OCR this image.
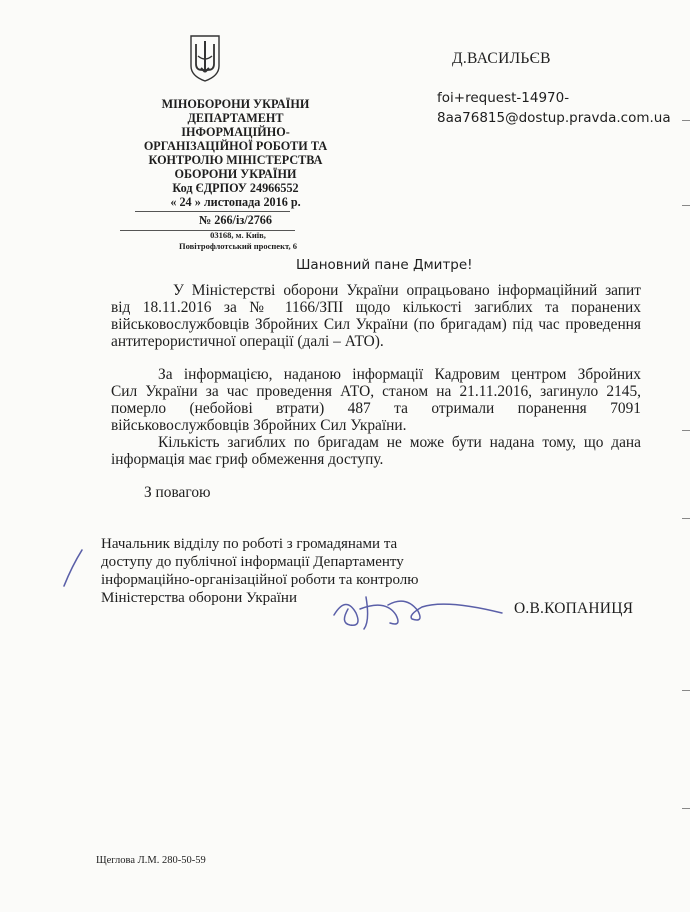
МІНОБОРОНИ УКРАЇНИ
ДЕПАРТАМЕНТ
ІНФОРМАЦІЙНО-
ОРГАНІЗАЦІЙНОЇ РОБОТИ ТА
КОНТРОЛЮ МІНІСТЕРСТВА
ОБОРОНИ УКРАЇНИ
Код ЄДРПОУ 24966552
« 24 » листопада 2016 р.
№ 266/із/2766
03168, м. Київ,
Повітрофлотський проспект, 6
Д.ВАСИЛЬЄВ
foi+request-14970-
8aa76815@dostup.pravda.com.ua
Шановний пане Дмитре!
У Міністерстві оборони України опрацьовано інформаційний запит
від 18.11.2016 за № 1166/ЗПІ щодо кількості загиблих та поранених військовослужбовців Збройних Сил України (по бригадам) під час проведення антитерористичної операції (далі – АТО).
За інформацією, наданою інформації Кадровим центром Збройних
Сил України за час проведення АТО, станом на 21.11.2016, загинуло 2145, померло (небойові втрати) 487 та отримали поранення 7091 військовослужбовців Збройних Сил України.
Кількість загиблих по бригадам не може бути надана тому, що дана
інформація має гриф обмеження доступу.
З повагою
Начальник відділу по роботі з громадянами та
доступу до публічної інформації Департаменту
інформаційно-організаційної роботи та контролю
Міністерства оборони України
О.В.КОПАНИЦЯ
Щеглова Л.М. 280-50-59
